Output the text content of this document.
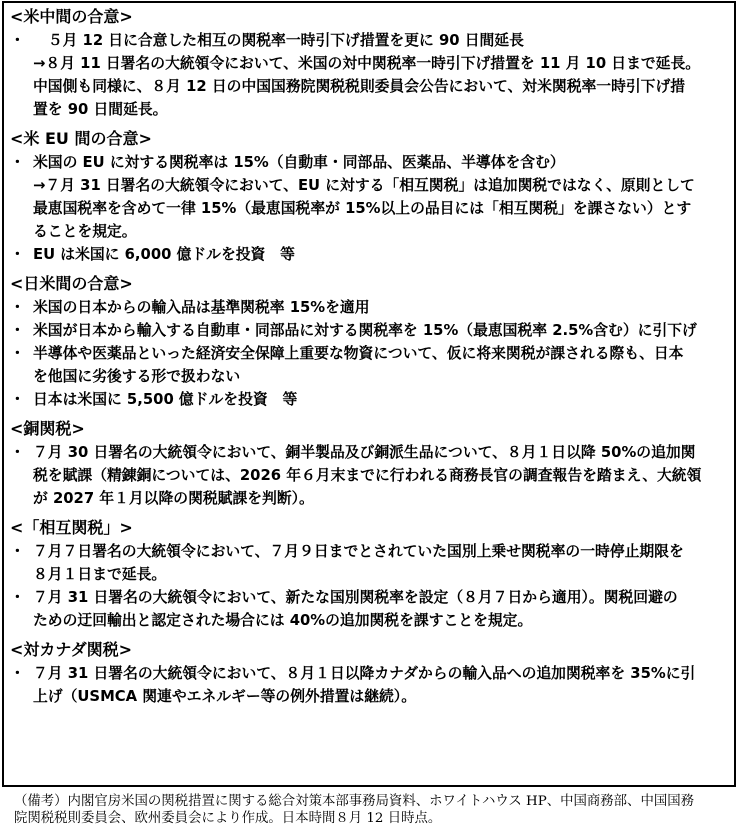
<米中間の合意>
・ 　５月 12 日に合意した相互の関税率一時引下げ措置を更に 90 日間延長
→８月 11 日署名の大統領令において、米国の対中関税率一時引下げ措置を 11 月 10 日まで延長。
中国側も同様に、８月 12 日の中国国務院関税税則委員会公告において、対米関税率一時引下げ措
置を 90 日間延長。
<米 EU 間の合意>
・ 米国の EU に対する関税率は 15%（自動車・同部品、医薬品、半導体を含む）
→７月 31 日署名の大統領令において、EU に対する「相互関税」は追加関税ではなく、原則として
最恵国税率を含めて一律 15%（最恵国税率が 15%以上の品目には「相互関税」を課さない）とす
ることを規定。
・ EU は米国に 6,000 億ドルを投資　等
<日米間の合意>
・ 米国の日本からの輸入品は基準関税率 15%を適用
・ 米国が日本から輸入する自動車・同部品に対する関税率を 15%（最恵国税率 2.5%含む）に引下げ
・ 半導体や医薬品といった経済安全保障上重要な物資について、仮に将来関税が課される際も、日本
を他国に劣後する形で扱わない
・ 日本は米国に 5,500 億ドルを投資　等
<銅関税>
・ ７月 30 日署名の大統領令において、銅半製品及び銅派生品について、８月１日以降 50%の追加関
税を賦課（精錬銅については、2026 年６月末までに行われる商務長官の調査報告を踏まえ、大統領
が 2027 年１月以降の関税賦課を判断）。
<「相互関税」>
・ ７月７日署名の大統領令において、７月９日までとされていた国別上乗せ関税率の一時停止期限を
８月１日まで延長。
・ ７月 31 日署名の大統領令において、新たな国別関税率を設定（８月７日から適用）。関税回避の
ための迂回輸出と認定された場合には 40%の追加関税を課すことを規定。
<対カナダ関税>
・ ７月 31 日署名の大統領令において、８月１日以降カナダからの輸入品への追加関税率を 35%に引
上げ（USMCA 関連やエネルギー等の例外措置は継続）。
（備考）内閣官房米国の関税措置に関する総合対策本部事務局資料、ホワイトハウス HP、中国商務部、中国国務
院関税税則委員会、欧州委員会により作成。日本時間８月 12 日時点。
